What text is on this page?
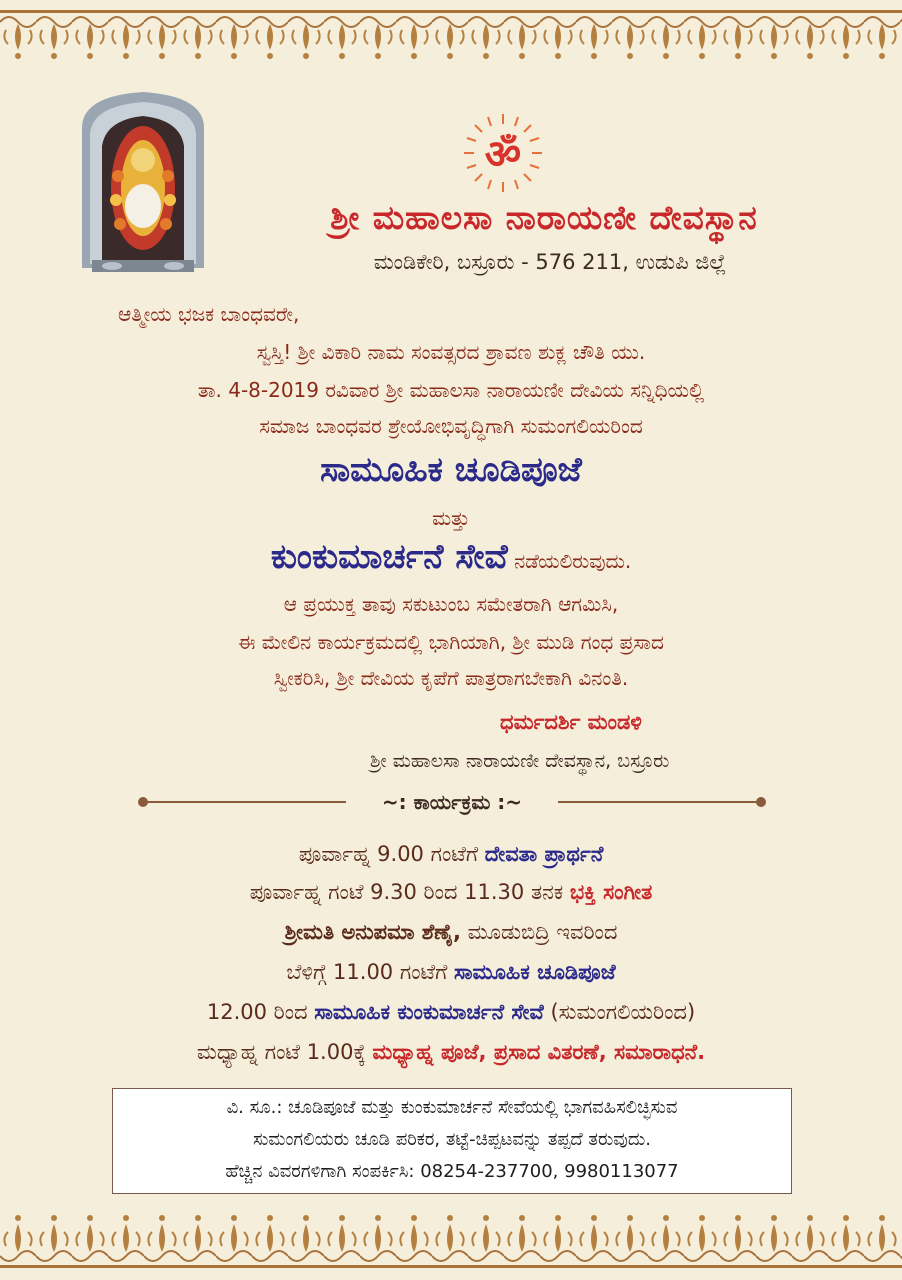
ॐ
ಶ್ರೀ ಮಹಾಲಸಾ ನಾರಾಯಣೀ ದೇವಸ್ಥಾನ
ಮಂಡಿಕೇರಿ, ಬಸ್ರೂರು - 576 211, ಉಡುಪಿ ಜಿಲ್ಲೆ
ಆತ್ಮೀಯ ಭಜಕ ಬಾಂಧವರೇ,
ಸ್ವಸ್ತಿ! ಶ್ರೀ ವಿಕಾರಿ ನಾಮ ಸಂವತ್ಸರದ ಶ್ರಾವಣ ಶುಕ್ಲ ಚೌತಿ ಯು.
ತಾ. 4-8-2019 ರವಿವಾರ ಶ್ರೀ ಮಹಾಲಸಾ ನಾರಾಯಣೀ ದೇವಿಯ ಸನ್ನಿಧಿಯಲ್ಲಿ
ಸಮಾಜ ಬಾಂಧವರ ಶ್ರೇಯೋಭಿವೃದ್ಧಿಗಾಗಿ ಸುಮಂಗಲಿಯರಿಂದ
ಸಾಮೂಹಿಕ ಚೂಡಿಪೂಜೆ
ಮತ್ತು
ಕುಂಕುಮಾರ್ಚನೆ ಸೇವೆ ನಡೆಯಲಿರುವುದು.
ಆ ಪ್ರಯುಕ್ತ ತಾವು ಸಕುಟುಂಬ ಸಮೇತರಾಗಿ ಆಗಮಿಸಿ,
ಈ ಮೇಲಿನ ಕಾರ್ಯಕ್ರಮದಲ್ಲಿ ಭಾಗಿಯಾಗಿ, ಶ್ರೀ ಮುಡಿ ಗಂಧ ಪ್ರಸಾದ
ಸ್ವೀಕರಿಸಿ, ಶ್ರೀ ದೇವಿಯ ಕೃಪೆಗೆ ಪಾತ್ರರಾಗಬೇಕಾಗಿ ವಿನಂತಿ.
ಧರ್ಮದರ್ಶಿ ಮಂಡಳಿ
ಶ್ರೀ ಮಹಾಲಸಾ ನಾರಾಯಣೀ ದೇವಸ್ಥಾನ, ಬಸ್ರೂರು
~: ಕಾರ್ಯಕ್ರಮ :~
ಪೂರ್ವಾಹ್ನ 9.00 ಗಂಟೆಗೆ ದೇವತಾ ಪ್ರಾರ್ಥನೆ
ಪೂರ್ವಾಹ್ನ ಗಂಟೆ 9.30 ರಿಂದ 11.30 ತನಕ ಭಕ್ತಿ ಸಂಗೀತ
ಶ್ರೀಮತಿ ಅನುಪಮಾ ಶೆಣೈ, ಮೂಡುಬಿದ್ರಿ ಇವರಿಂದ
ಬೆಳಿಗ್ಗೆ 11.00 ಗಂಟೆಗೆ ಸಾಮೂಹಿಕ ಚೂಡಿಪೂಜೆ
12.00 ರಿಂದ ಸಾಮೂಹಿಕ ಕುಂಕುಮಾರ್ಚನೆ ಸೇವೆ (ಸುಮಂಗಲಿಯರಿಂದ)
ಮಧ್ಯಾಹ್ನ ಗಂಟೆ 1.00ಕ್ಕೆ ಮಧ್ಯಾಹ್ನ ಪೂಜೆ, ಪ್ರಸಾದ ವಿತರಣೆ, ಸಮಾರಾಧನೆ.
ವಿ. ಸೂ.: ಚೂಡಿಪೂಜೆ ಮತ್ತು ಕುಂಕುಮಾರ್ಚನೆ ಸೇವೆಯಲ್ಲಿ ಭಾಗವಹಿಸಲಿಚ್ಛಿಸುವ
ಸುಮಂಗಲಿಯರು ಚೂಡಿ ಪರಿಕರ, ತಟ್ಟೆ-ಚಿಪ್ಪಟವನ್ನು ತಪ್ಪದೆ ತರುವುದು.
ಹೆಚ್ಚಿನ ವಿವರಗಳಿಗಾಗಿ ಸಂಪರ್ಕಿಸಿ: 08254-237700, 9980113077
